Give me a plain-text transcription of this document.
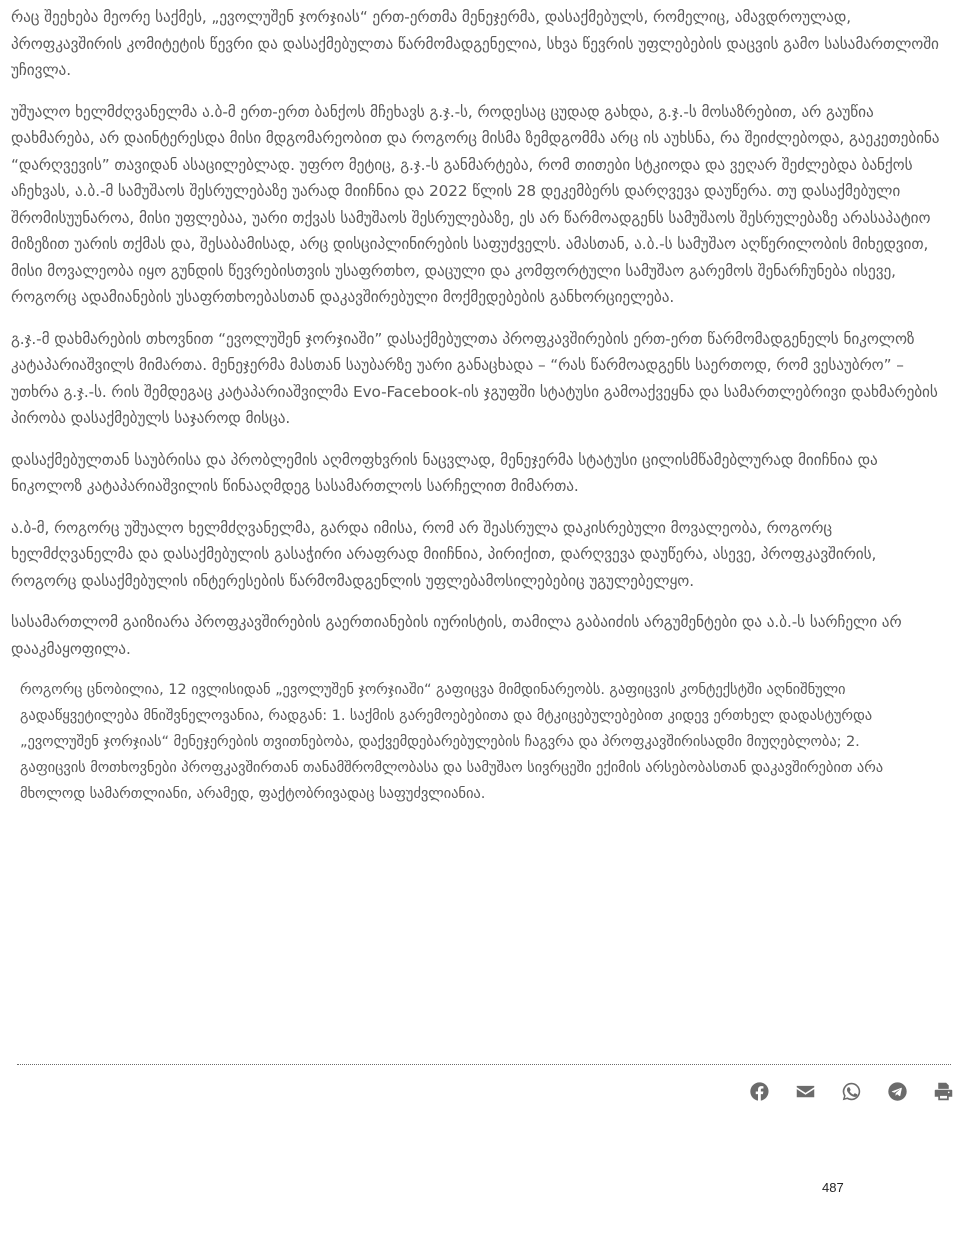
რაც შეეხება მეორე საქმეს, „ევოლუშენ ჯორჯიას“ ერთ-ერთმა მენეჯერმა, დასაქმებულს, რომელიც, ამავდროულად, პროფკავშირის კომიტეტის წევრი და დასაქმებულთა წარმომადგენელია, სხვა წევრის უფლებების დაცვის გამო სასამართლოში უჩივლა.

უშუალო ხელმძღვანელმა ა.ბ-მ ერთ-ერთ ბანქოს მჩეხავს გ.ჯ.-ს, როდესაც ცუდად გახდა, გ.ჯ.-ს მოსაზრებით, არ გაუწია დახმარება, არ დაინტერესდა მისი მდგომარეობით და როგორც მისმა ზემდგომმა არც ის აუხსნა, რა შეიძლებოდა, გაეკეთებინა “დარღვევის” თავიდან ასაცილებლად. უფრო მეტიც, გ.ჯ.-ს განმარტება, რომ თითები სტკიოდა და ვეღარ შეძლებდა ბანქოს აჩეხვას, ა.ბ.-მ სამუშაოს შესრულებაზე უარად მიიჩნია და 2022 წლის 28 დეკემბერს დარღვევა დაუწერა. თუ დასაქმებული შრომისუუნაროა, მისი უფლებაა, უარი თქვას სამუშაოს შესრულებაზე, ეს არ წარმოადგენს სამუშაოს შესრულებაზე არასაპატიო მიზეზით უარის თქმას და, შესაბამისად, არც დისციპლინირების საფუძველს. ამასთან, ა.ბ.-ს სამუშაო აღწერილობის მიხედვით, მისი მოვალეობა იყო გუნდის წევრებისთვის უსაფრთხო, დაცული და კომფორტული სამუშაო გარემოს შენარჩუნება ისევე, როგორც ადამიანების უსაფრთხოებასთან დაკავშირებული მოქმედებების განხორციელება.

გ.ჯ.-მ დახმარების თხოვნით “ევოლუშენ ჯორჯიაში” დასაქმებულთა პროფკავშირების ერთ-ერთ წარმომადგენელს ნიკოლოზ კატაპარიაშვილს მიმართა. მენეჯერმა მასთან საუბარზე უარი განაცხადა – “რას წარმოადგენს საერთოდ, რომ ვესაუბრო” – უთხრა გ.ჯ.-ს. რის შემდეგაც კატაპარიაშვილმა Evo-Facebook-ის ჯგუფში სტატუსი გამოაქვეყნა და სამართლებრივი დახმარების პირობა დასაქმებულს საჯაროდ მისცა.

დასაქმებულთან საუბრისა და პრობლემის აღმოფხვრის ნაცვლად, მენეჯერმა სტატუსი ცილისმწამებლურად მიიჩნია და ნიკოლოზ კატაპარიაშვილის წინააღმდეგ სასამართლოს სარჩელით მიმართა.

ა.ბ-მ, როგორც უშუალო ხელმძღვანელმა, გარდა იმისა, რომ არ შეასრულა დაკისრებული მოვალეობა, როგორც ხელმძღვანელმა და დასაქმებულის გასაჭირი არაფრად მიიჩნია, პირიქით, დარღვევა დაუწერა, ასევე, პროფკავშირის, როგორც დასაქმებულის ინტერესების წარმომადგენლის უფლებამოსილებებიც უგულებელყო.

სასამართლომ გაიზიარა პროფკავშირების გაერთიანების იურისტის, თამილა გაბაიძის არგუმენტები და ა.ბ.-ს სარჩელი არ დააკმაყოფილა.

როგორც ცნობილია, 12 ივლისიდან „ევოლუშენ ჯორჯიაში“ გაფიცვა მიმდინარეობს. გაფიცვის კონტექსტში აღნიშნული გადაწყვეტილება მნიშვნელოვანია, რადგან: 1. საქმის გარემოებებითა და მტკიცებულებებით კიდევ ერთხელ დადასტურდა „ევოლუშენ ჯორჯიას“ მენეჯერების თვითნებობა, დაქვემდებარებულების ჩაგვრა და პროფკავშირისადმი მიუღებლობა; 2. გაფიცვის მოთხოვნები პროფკავშირთან თანამშრომლობასა და სამუშაო სივრცეში ექიმის არსებობასთან დაკავშირებით არა მხოლოდ სამართლიანი, არამედ, ფაქტობრივადაც საფუძვლიანია.

487
